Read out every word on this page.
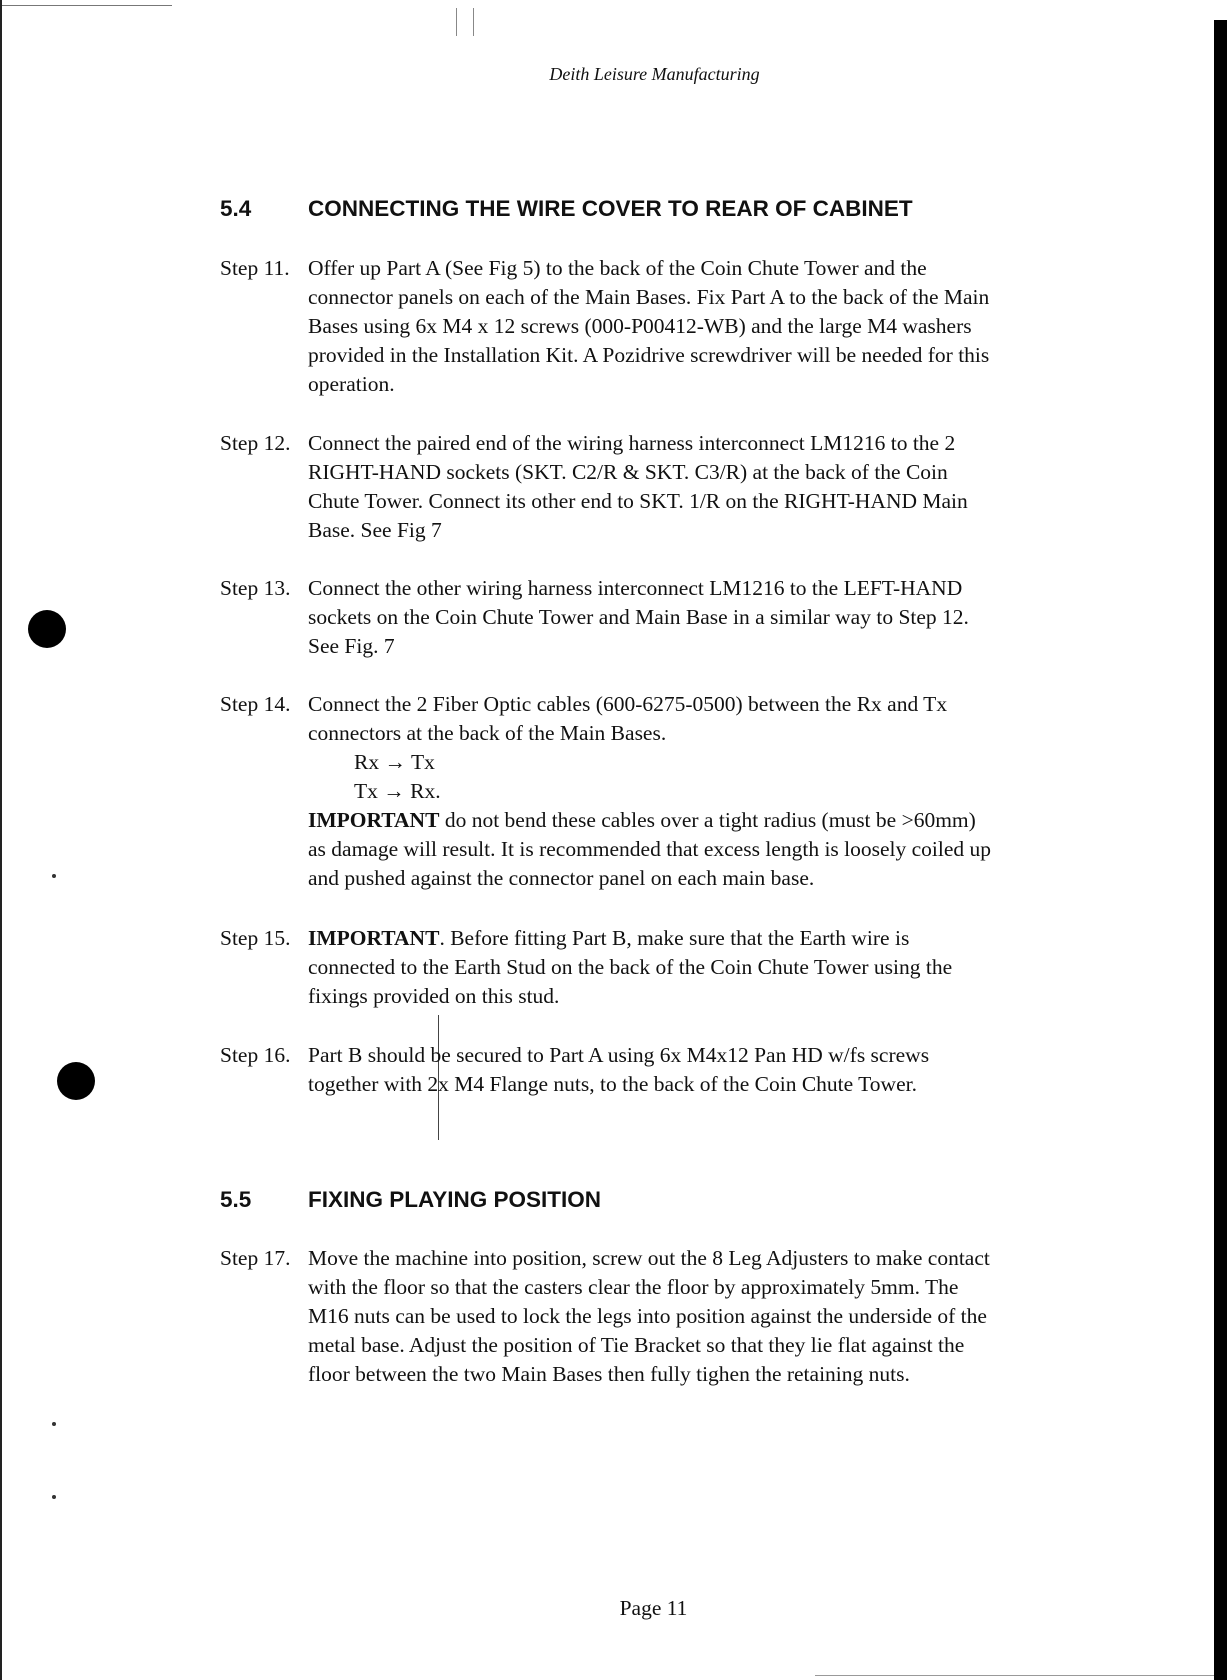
Deith Leisure Manufacturing
5.4	CONNECTING THE WIRE COVER TO REAR OF CABINET
Step 11. Offer up Part A (See Fig 5) to the back of the Coin Chute Tower and the
connector panels on each of the Main Bases. Fix Part A to the back of the Main
Bases using 6x M4 x 12 screws (000-P00412-WB) and the large M4 washers
provided in the Installation Kit. A Pozidrive screwdriver will be needed for this
operation.
Step 12. Connect the paired end of the wiring harness interconnect LM1216 to the 2
RIGHT-HAND sockets (SKT. C2/R & SKT. C3/R) at the back of the Coin
Chute Tower. Connect its other end to SKT. 1/R on the RIGHT-HAND Main
Base. See Fig 7
Step 13. Connect the other wiring harness interconnect LM1216 to the LEFT-HAND
sockets on the Coin Chute Tower and Main Base in a similar way to Step 12.
See Fig. 7
Step 14. Connect the 2 Fiber Optic cables (600-6275-0500) between the Rx and Tx
connectors at the back of the Main Bases.
Rx → Tx
Tx → Rx.
IMPORTANT do not bend these cables over a tight radius (must be >60mm)
as damage will result. It is recommended that excess length is loosely coiled up
and pushed against the connector panel on each main base.
Step 15. IMPORTANT. Before fitting Part B, make sure that the Earth wire is
connected to the Earth Stud on the back of the Coin Chute Tower using the
fixings provided on this stud.
Step 16. Part B should be secured to Part A using 6x M4x12 Pan HD w/fs screws
together with 2x M4 Flange nuts, to the back of the Coin Chute Tower.
5.5	FIXING PLAYING POSITION
Step 17. Move the machine into position, screw out the 8 Leg Adjusters to make contact
with the floor so that the casters clear the floor by approximately 5mm. The
M16 nuts can be used to lock the legs into position against the underside of the
metal base. Adjust the position of Tie Bracket so that they lie flat against the
floor between the two Main Bases then fully tighen the retaining nuts.
Page 11
